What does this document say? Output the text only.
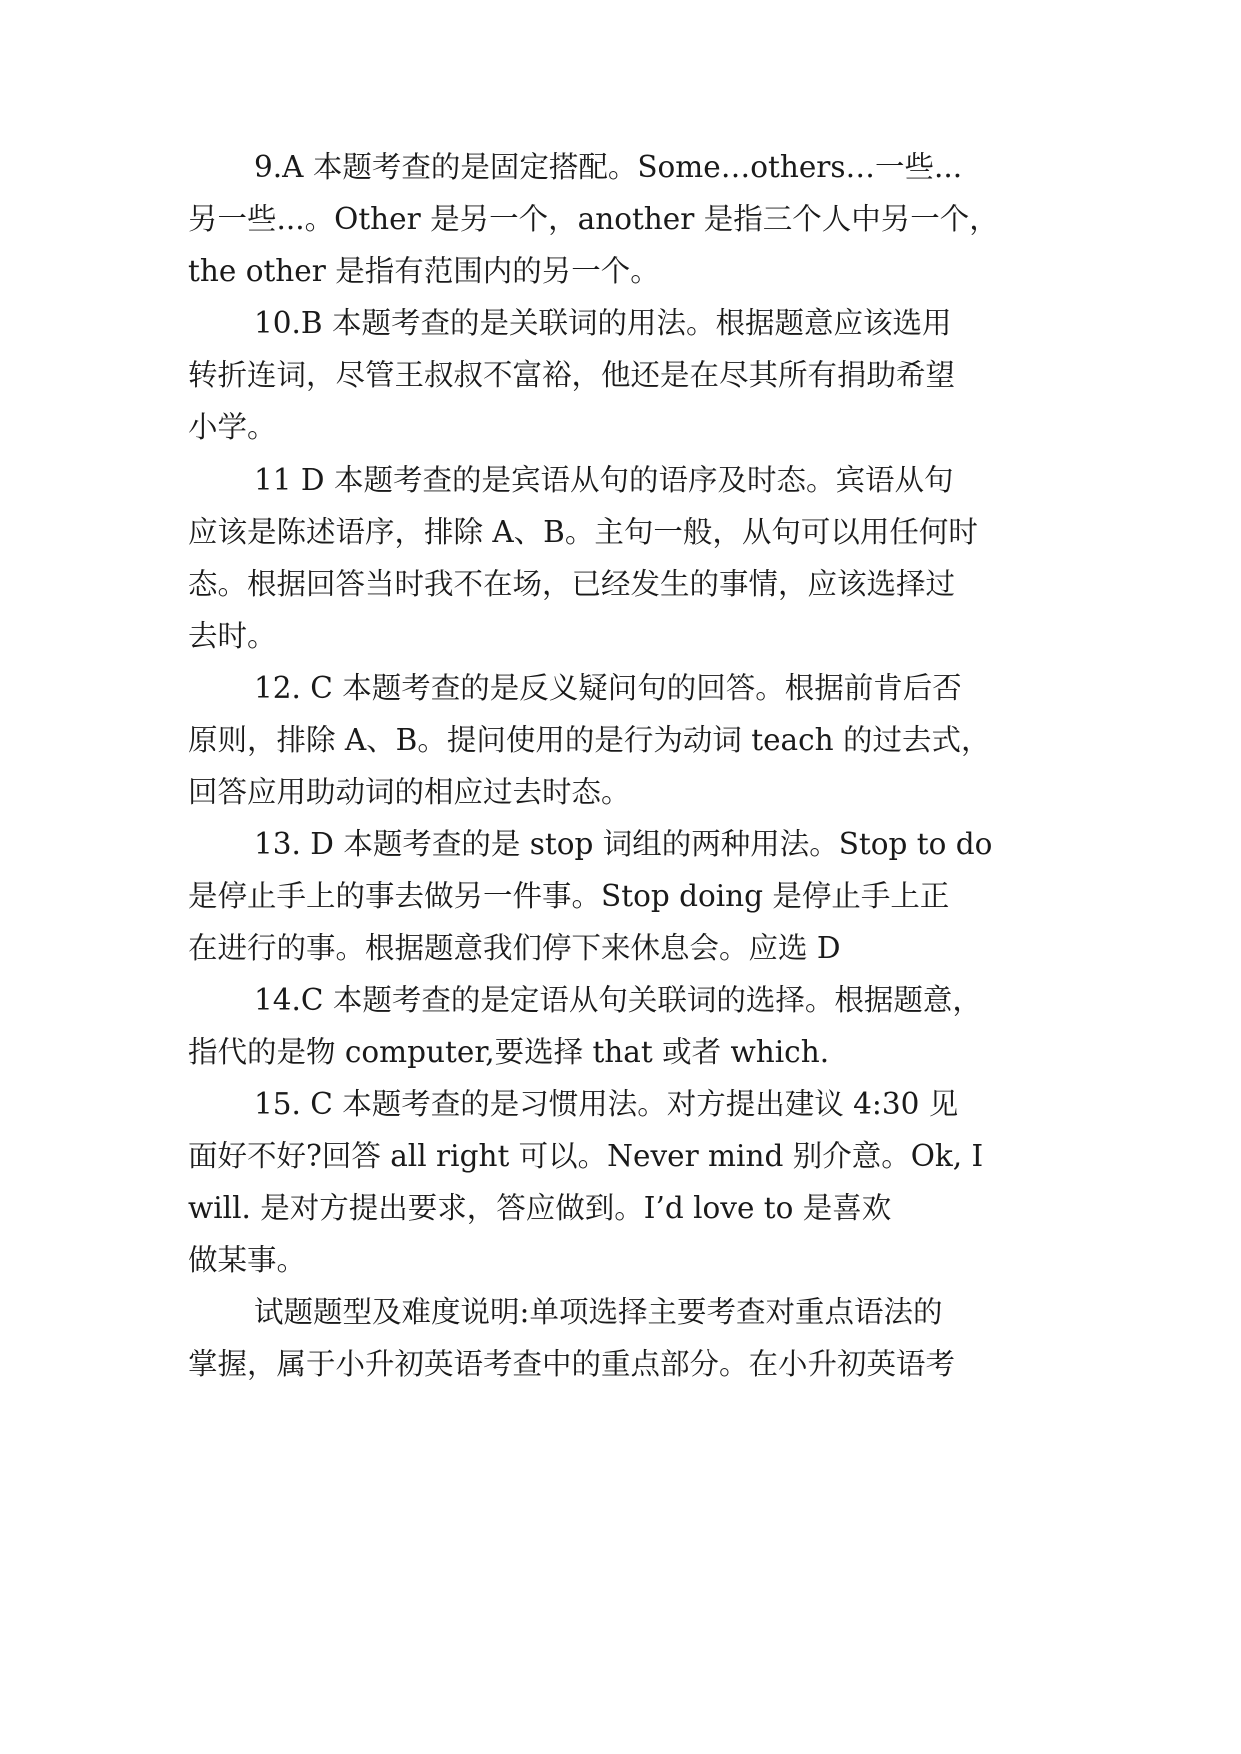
9.A 本题考查的是固定搭配。Some…others…一些...
另一些...。Other 是另一个，another 是指三个人中另一个，
the other 是指有范围内的另一个。
10.B 本题考查的是关联词的用法。根据题意应该选用
转折连词，尽管王叔叔不富裕，他还是在尽其所有捐助希望
小学。
11 D 本题考查的是宾语从句的语序及时态。宾语从句
应该是陈述语序，排除 A、B。主句一般，从句可以用任何时
态。根据回答当时我不在场，已经发生的事情，应该选择过
去时。
12. C 本题考查的是反义疑问句的回答。根据前肯后否
原则，排除 A、B。提问使用的是行为动词 teach 的过去式，
回答应用助动词的相应过去时态。
13. D 本题考查的是 stop 词组的两种用法。Stop to do
是停止手上的事去做另一件事。Stop doing 是停止手上正
在进行的事。根据题意我们停下来休息会。应选 D
14.C 本题考查的是定语从句关联词的选择。根据题意，
指代的是物 computer,要选择 that 或者 which.
15. C 本题考查的是习惯用法。对方提出建议 4:30 见
面好不好?回答 all right 可以。Never mind 别介意。Ok, I
will. 是对方提出要求，答应做到。I’d love to 是喜欢
做某事。
试题题型及难度说明:单项选择主要考查对重点语法的
掌握，属于小升初英语考查中的重点部分。在小升初英语考
